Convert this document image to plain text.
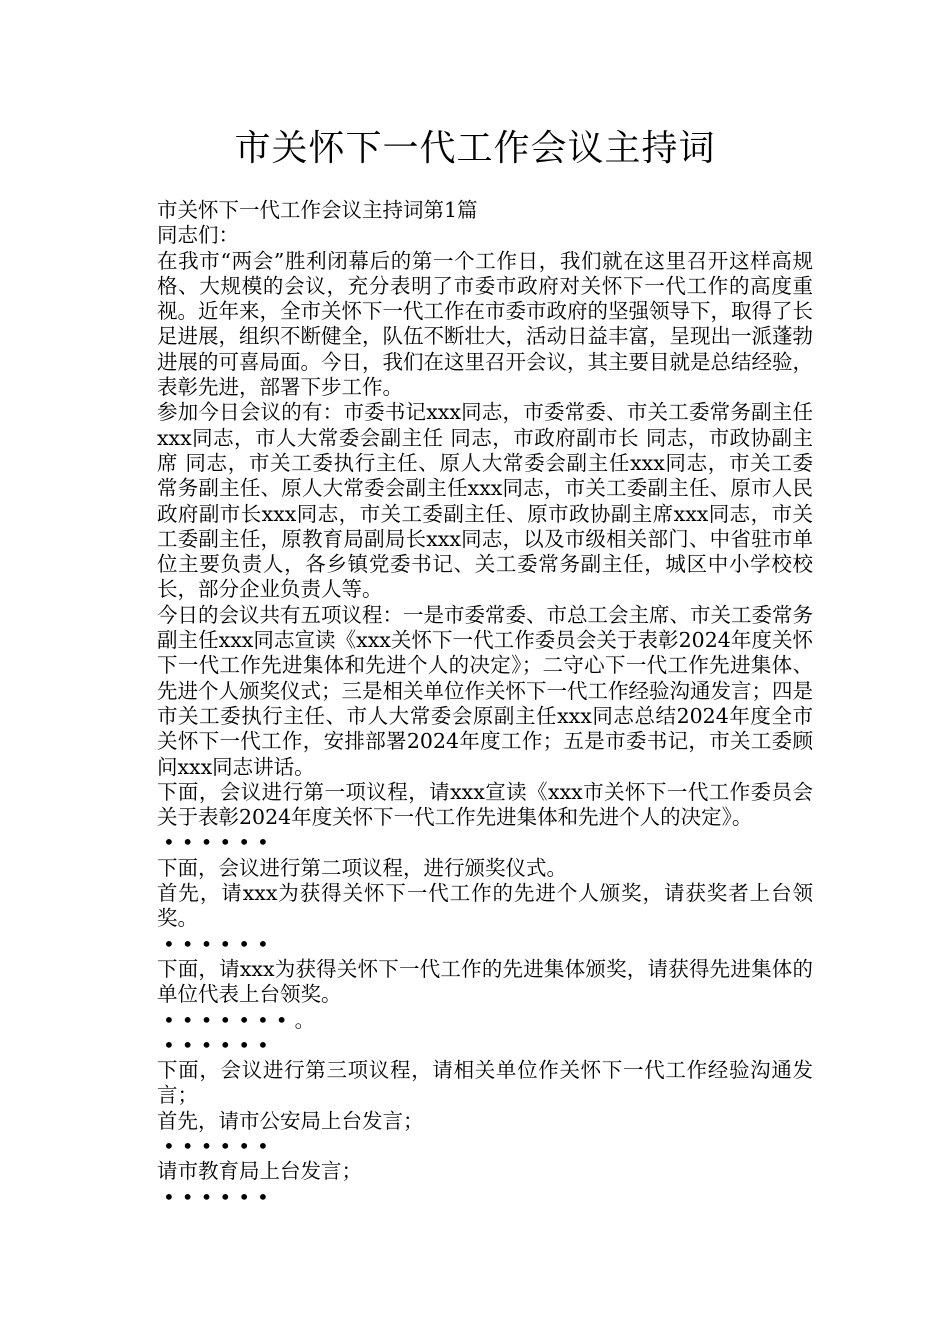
市关怀下一代工作会议主持词

市关怀下一代工作会议主持词第1篇

同志们：

在我市“两会”胜利闭幕后的第一个工作日，我们就在这里召开这样高规格、大规模的会议，充分表明了市委市政府对关怀下一代工作的高度重视。近年来，全市关怀下一代工作在市委市政府的坚强领导下，取得了长足进展，组织不断健全，队伍不断壮大，活动日益丰富，呈现出一派蓬勃进展的可喜局面。今日，我们在这里召开会议，其主要目就是总结经验，表彰先进，部署下步工作。

参加今日会议的有：市委书记xxx同志，市委常委、市关工委常务副主任xxx同志，市人大常委会副主任 同志，市政府副市长 同志，市政协副主席 同志，市关工委执行主任、原人大常委会副主任xxx同志，市关工委常务副主任、原人大常委会副主任xxx同志，市关工委副主任、原市人民政府副市长xxx同志，市关工委副主任、原市政协副主席xxx同志，市关工委副主任，原教育局副局长xxx同志，以及市级相关部门、中省驻市单位主要负责人，各乡镇党委书记、关工委常务副主任，城区中小学校校长，部分企业负责人等。

今日的会议共有五项议程：一是市委常委、市总工会主席、市关工委常务副主任xxx同志宣读《xxx关怀下一代工作委员会关于表彰2024年度关怀下一代工作先进集体和先进个人的决定》；二守心下一代工作先进集体、先进个人颁奖仪式；三是相关单位作关怀下一代工作经验沟通发言；四是市关工委执行主任、市人大常委会原副主任xxx同志总结2024年度全市关怀下一代工作，安排部署2024年度工作；五是市委书记，市关工委顾问xxx同志讲话。

下面，会议进行第一项议程，请xxx宣读《xxx市关怀下一代工作委员会关于表彰2024年度关怀下一代工作先进集体和先进个人的决定》。

••••••

下面，会议进行第二项议程，进行颁奖仪式。

首先，请xxx为获得关怀下一代工作的先进个人颁奖，请获奖者上台领奖。

••••••

下面，请xxx为获得关怀下一代工作的先进集体颁奖，请获得先进集体的单位代表上台领奖。

•••••••。

••••••

下面，会议进行第三项议程，请相关单位作关怀下一代工作经验沟通发言；

首先，请市公安局上台发言；

••••••

请市教育局上台发言；

••••••
